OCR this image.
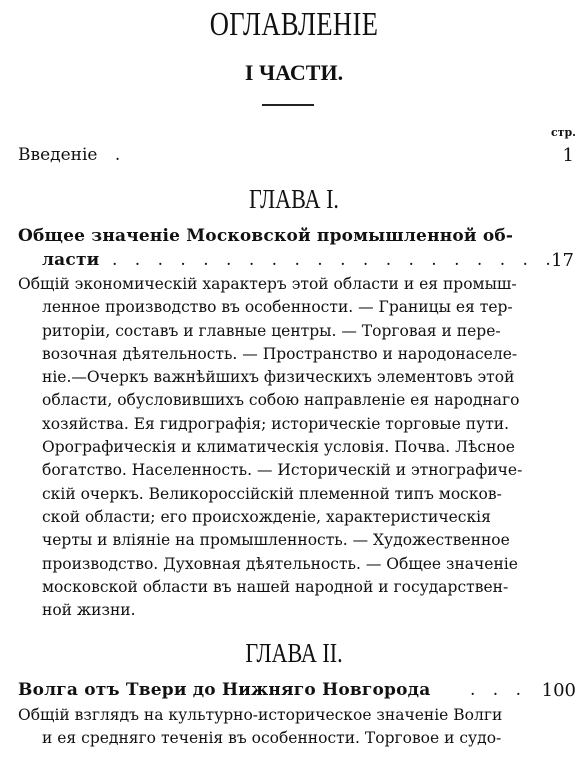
ОГЛАВЛЕНІЕ
I ЧАСТИ.
стр.
Введеніе .	1
ГЛАВА I.
Общее значеніе Московской промышленной об-
ласти . . . . . . . . . . . . . . . . . . . .
17
Общій экономическій характеръ этой области и ея промыш-
ленное производство въ особенности. — Границы ея тер-
риторіи, составъ и главные центры. — Торговая и пере-
возочная дѣятельность. — Пространство и народонаселе-
ніе.—Очеркъ важнѣйшихъ физическихъ элементовъ этой
области, обусловившихъ собою направленіе ея народнаго
хозяйства. Ея гидрографія; историческіе торговые пути.
Орографическія и климатическія условія. Почва. Лѣсное
богатство. Населенность. — Историческій и этнографиче-
скій очеркъ. Великороссійскій племенной типъ москов-
ской области; его происхожденіе, характеристическія
черты и вліяніе на промышленность. — Художественное
производство. Духовная дѣятельность. — Общее значеніе
московской области въ нашей народной и государствен-
ной жизни.
ГЛАВА II.
Волга отъ Твери до Нижняго Новгорода . . . 100
Общій взглядъ на культурно-историческое значеніе Волги
и ея средняго теченія въ особенности. Торговое и судо-
